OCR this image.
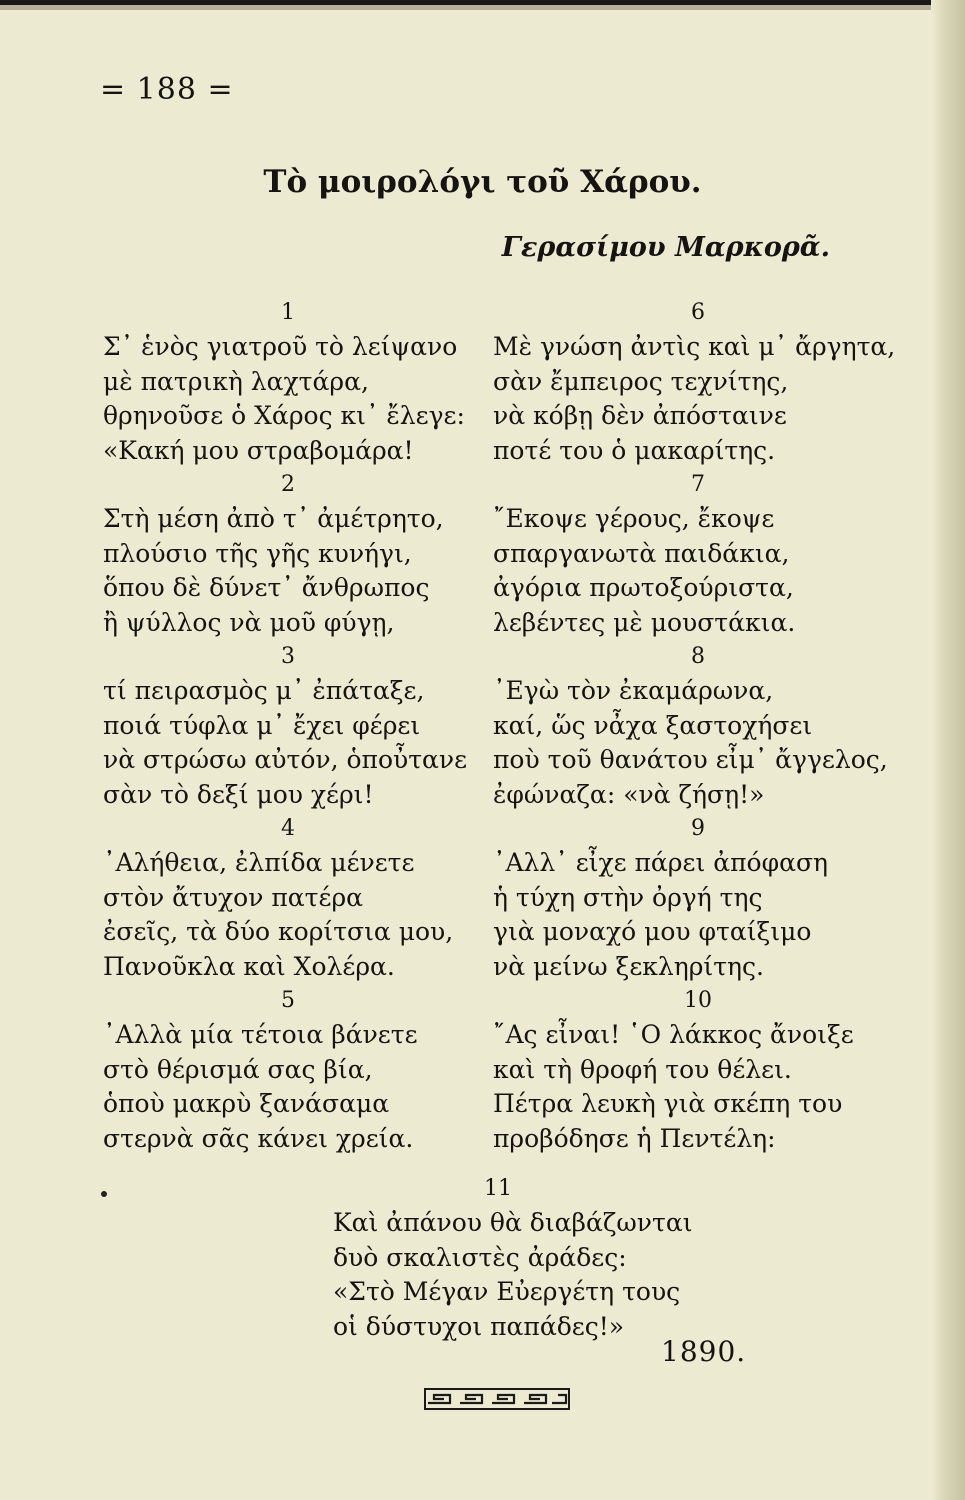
= 188 =
Τὸ μοιρολόγι τοῦ Χάρου.
Γερασίμου Μαρκορᾶ.
1
Σ᾿ ἑνὸς γιατροῦ τὸ λείψανο
μὲ πατρικὴ λαχτάρα,
θρηνοῦσε ὁ Χάρος κι᾿ ἔλεγε:
«Κακή μου στραβομάρα!
2
Στὴ μέση ἀπὸ τ᾿ ἀμέτρητο,
πλούσιο τῆς γῆς κυνήγι,
ὅπου δὲ δύνετ᾿ ἄνθρωπος
ἢ ψύλλος νὰ μοῦ φύγῃ,
3
τί πειρασμὸς μ᾿ ἐπάταξε,
ποιά τύφλα μ᾿ ἔχει φέρει
νὰ στρώσω αὐτόν, ὁποὖτανε
σὰν τὸ δεξί μου χέρι!
4
᾿Αλήθεια, ἐλπίδα μένετε
στὸν ἄτυχον πατέρα
ἐσεῖς, τὰ δύο κορίτσια μου,
Πανοῦκλα καὶ Χολέρα.
5
᾿Αλλὰ μία τέτοια βάνετε
στὸ θέρισμά σας βία,
ὁποὺ μακρὺ ξανάσαμα
στερνὰ σᾶς κάνει χρεία.
6
Μὲ γνώση ἀντὶς καὶ μ᾿ ἄργητα,
σὰν ἔμπειρος τεχνίτης,
νὰ κόβῃ δὲν ἀπόσταινε
ποτέ του ὁ μακαρίτης.
7
῎Εκοψε γέρους, ἔκοψε
σπαργανωτὰ παιδάκια,
ἀγόρια πρωτοξούριστα,
λεβέντες μὲ μουστάκια.
8
᾿Εγὼ τὸν ἐκαμάρωνα,
καί, ὥς νἆχα ξαστοχήσει
ποὺ τοῦ θανάτου εἶμ᾿ ἄγγελος,
ἐφώναζα: «νὰ ζήσῃ!»
9
᾿Αλλ᾿ εἶχε πάρει ἀπόφαση
ἡ τύχη στὴν ὀργή της
γιὰ μοναχό μου φταίξιμο
νὰ μείνω ξεκληρίτης.
10
῎Ας εἶναι! ῾Ο λάκκος ἄνοιξε
καὶ τὴ θροφή του θέλει.
Πέτρα λευκὴ γιὰ σκέπη του
προβόδησε ἡ Πεντέλη:
11
Καὶ ἀπάνου θὰ διαβάζωνται
δυὸ σκαλιστὲς ἀράδες:
«Στὸ Μέγαν Εὐεργέτη τους
οἱ δύστυχοι παπάδες!»
1890.
